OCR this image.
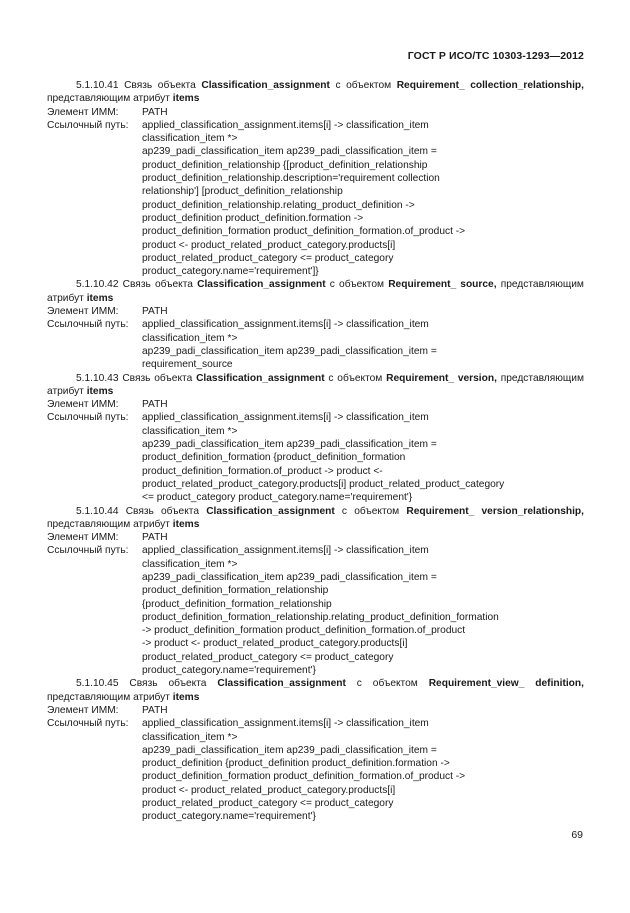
ГОСТ Р ИСО/ТС 10303-1293—2012

5.1.10.41 Связь объекта Classification_assignment с объектом Requirement_ collection_relationship, представляющим атрибут items

Элемент ИММ:	PATH
Ссылочный путь:	applied_classification_assignment.items[i] -> classification_item
classification_item *>
ap239_padi_classification_item ap239_padi_classification_item =
product_definition_relationship {[product_definition_relationship
product_definition_relationship.description='requirement collection
relationship'] [product_definition_relationship
product_definition_relationship.relating_product_definition ->
product_definition product_definition.formation ->
product_definition_formation product_definition_formation.of_product ->
product <- product_related_product_category.products[i]
product_related_product_category <= product_category
product_category.name='requirement']}

5.1.10.42 Связь объекта Classification_assignment с объектом Requirement_ source, представляющим атрибут items

Элемент ИММ:	PATH
Ссылочный путь:	applied_classification_assignment.items[i] -> classification_item
classification_item *>
ap239_padi_classification_item ap239_padi_classification_item =
requirement_source

5.1.10.43 Связь объекта Classification_assignment с объектом Requirement_ version, представляющим атрибут items

Элемент ИММ:	PATH
Ссылочный путь:	applied_classification_assignment.items[i] -> classification_item
classification_item *>
ap239_padi_classification_item ap239_padi_classification_item =
product_definition_formation {product_definition_formation
product_definition_formation.of_product -> product <-
product_related_product_category.products[i] product_related_product_category
<= product_category product_category.name='requirement'}

5.1.10.44 Связь объекта Classification_assignment с объектом Requirement_ version_relationship, представляющим атрибут items

Элемент ИММ:	PATH
Ссылочный путь:	applied_classification_assignment.items[i] -> classification_item
classification_item *>
ap239_padi_classification_item ap239_padi_classification_item =
product_definition_formation_relationship
{product_definition_formation_relationship
product_definition_formation_relationship.relating_product_definition_formation
-> product_definition_formation product_definition_formation.of_product
-> product <- product_related_product_category.products[i]
product_related_product_category <= product_category
product_category.name='requirement'}

5.1.10.45 Связь объекта Classification_assignment с объектом Requirement_view_ definition, представляющим атрибут items

Элемент ИММ:	PATH
Ссылочный путь:	applied_classification_assignment.items[i] -> classification_item
classification_item *>
ap239_padi_classification_item ap239_padi_classification_item =
product_definition {product_definition product_definition.formation ->
product_definition_formation product_definition_formation.of_product ->
product <- product_related_product_category.products[i]
product_related_product_category <= product_category
product_category.name='requirement'}
69
